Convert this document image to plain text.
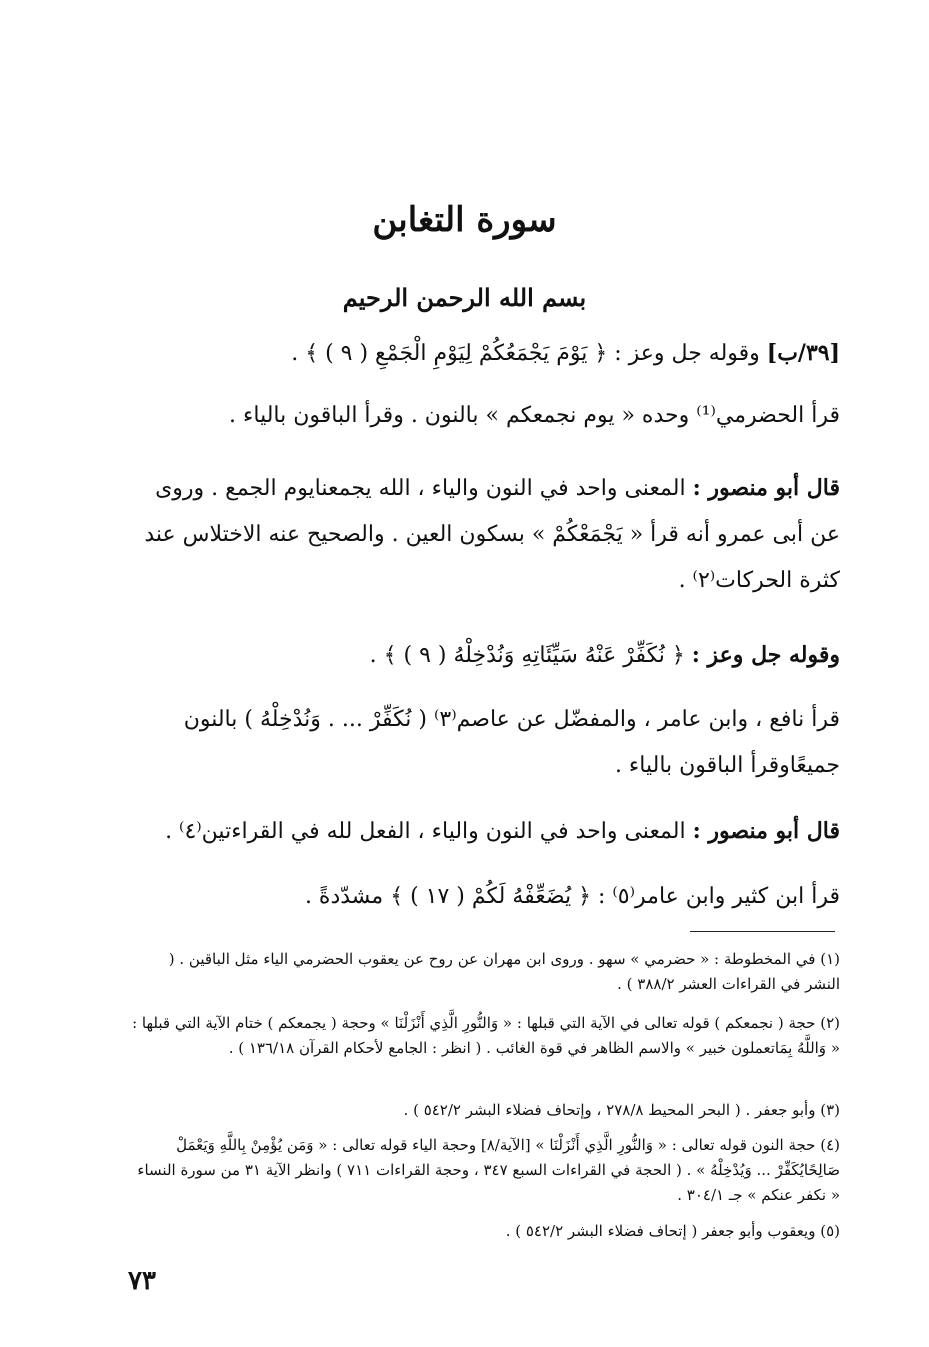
سورة التغابن
بسم الله الرحمن الرحيم
[٣٩/ب] وقوله جل وعز : ﴿ يَوْمَ يَجْمَعُكُمْ لِيَوْمِ الْجَمْعِ ( ٩ ) ﴾ .
قرأ الحضرمي⁽¹⁾ وحده « يوم نجمعكم » بالنون . وقرأ الباقون بالياء .
قال أبو منصور : المعنى واحد في النون والياء ، الله يجمعنايوم الجمع . وروى عن أبى عمرو أنه قرأ « يَجْمَعْكُمْ » بسكون العين . والصحيح عنه الاختلاس عند كثرة الحركات⁽٢⁾ .
وقوله جل وعز : ﴿ نُكَفِّرْ عَنْهُ سَيِّئَاتِهِ وَنُدْخِلْهُ ( ٩ ) ﴾ .
قرأ نافع ، وابن عامر ، والمفضّل عن عاصم⁽٣⁾ ( نُكَفِّرْ ... . وَنُدْخِلْهُ ) بالنون جميعًاوقرأ الباقون بالياء .
قال أبو منصور : المعنى واحد في النون والياء ، الفعل لله في القراءتين⁽٤⁾ .
قرأ ابن كثير وابن عامر⁽٥⁾ : ﴿ يُضَعِّفْهُ لَكُمْ ( ١٧ ) ﴾ مشدّدةً .
(١) في المخطوطة : « حضرمي » سهو . وروى ابن مهران عن روح عن يعقوب الحضرمي الياء مثل الباقين . ( النشر في القراءات العشر ٣٨٨/٢ ) .
(٢) حجة ( نجمعكم ) قوله تعالى في الآية التي قبلها : « وَالنُّورِ الَّذِي أَنْزَلْنَا » وحجة ( يجمعكم ) ختام الآية التي قبلها : « وَاللَّهُ بِمَاتعملون خبير » والاسم الظاهر في قوة الغائب . ( انظر : الجامع لأحكام القرآن ١٣٦/١٨ ) .
(٣) وأبو جعفر . ( البحر المحيط ٢٧٨/٨ ، وإتحاف فضلاء البشر ٥٤٢/٢ ) .
(٤) حجة النون قوله تعالى : « وَالنُّورِ الَّذِي أَنْزَلْنَا » [الآية/٨] وحجة الياء قوله تعالى : « وَمَن يُؤْمِنْ بِاللَّهِ وَيَعْمَلْ صَالِحًايُكَفِّرْ ... وَيُدْخِلْهُ » . ( الحجة في القراءات السبع ٣٤٧ ، وحجة القراءات ٧١١ ) وانظر الآية ٣١ من سورة النساء « نكفر عنكم » جـ ٣٠٤/١ .
(٥) ويعقوب وأبو جعفر ( إتحاف فضلاء البشر ٥٤٢/٢ ) .
٧٣
